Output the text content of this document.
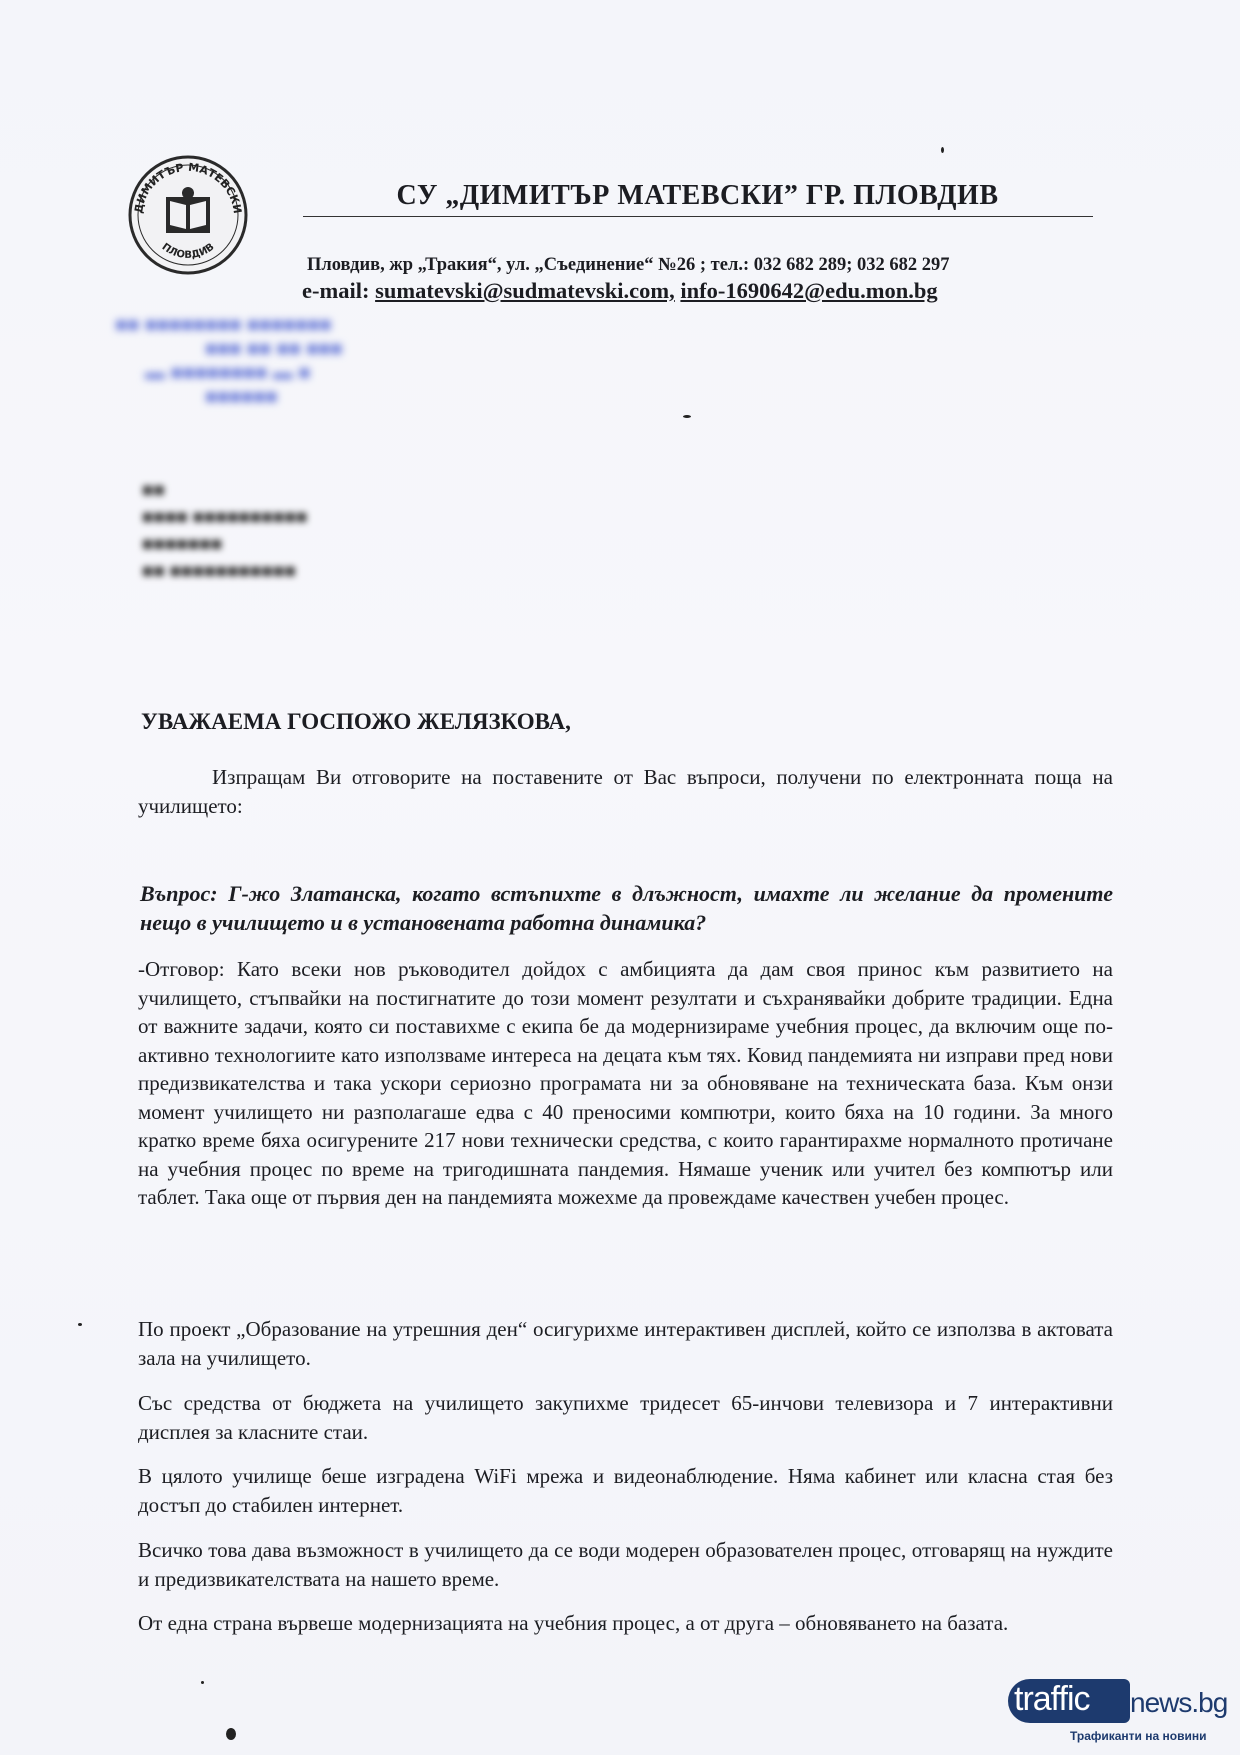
ДИМИТЪР МАТЕВСКИ
ПЛОВДИВ
СУ „ДИМИТЪР МАТЕВСКИ” ГР. ПЛОВДИВ
Пловдив, жр „Тракия“, ул. „Съединение“ №26 ; тел.: 032 682 289; 032 682 297
e-mail: sumatevski@sudmatevski.com, info-1690642@edu.mon.bg
■■ ■■■■■■■■ ■■■■■■■
■■■ ■■ ■■ ■■■
▬ ■■■■■■■■ ▬ ■
■■■■■■
■■
■■■■ ■■■■■■■■■■
■■■■■■■
■■ ■■■■■■■■■■■
УВАЖАЕМА ГОСПОЖО ЖЕЛЯЗКОВА,
Изпращам Ви отговорите на поставените от Вас въпроси, получени по електронната поща на училището:
Въпрос: Г-жо Златанска, когато встъпихте в длъжност, имахте ли желание да промените нещо в училището и в установената работна динамика?
-Отговор: Като всеки нов ръководител дойдох с амбицията да дам своя принос към развитието на училището, стъпвайки на постигнатите до този момент резултати и съхранявайки добрите традиции. Една от важните задачи, която си поставихме с екипа бе да модернизираме учебния процес, да включим още по-активно технологиите като използваме интереса на децата към тях. Ковид пандемията ни изправи пред нови предизвикателства и така ускори сериозно програмата ни за обновяване на техническата база. Към онзи момент училището ни разполагаше едва с 40 преносими компютри, които бяха на 10 години. За много кратко време бяха осигурените 217 нови технически средства, с които гарантирахме нормалното протичане на учебния процес по време на тригодишната пандемия. Нямаше ученик или учител без компютър или таблет. Така още от първия ден на пандемията можехме да провеждаме качествен учебен процес.
По проект „Образование на утрешния ден“ осигурихме интерактивен дисплей, който се използва в актовата зала на училището.
Със средства от бюджета на училището закупихме тридесет 65-инчови телевизора и 7 интерактивни дисплея за класните стаи.
В цялото училище беше изградена WiFi мрежа и видеонаблюдение. Няма кабинет или класна стая без достъп до стабилен интернет.
Всичко това дава възможност в училището да се води модерен образователен процес, отговарящ на нуждите и предизвикателствата на нашето време.
От една страна вървеше модернизацията на учебния процес, а от друга – обновяването на базата.
traffic news.bg
Трафиканти на новини
